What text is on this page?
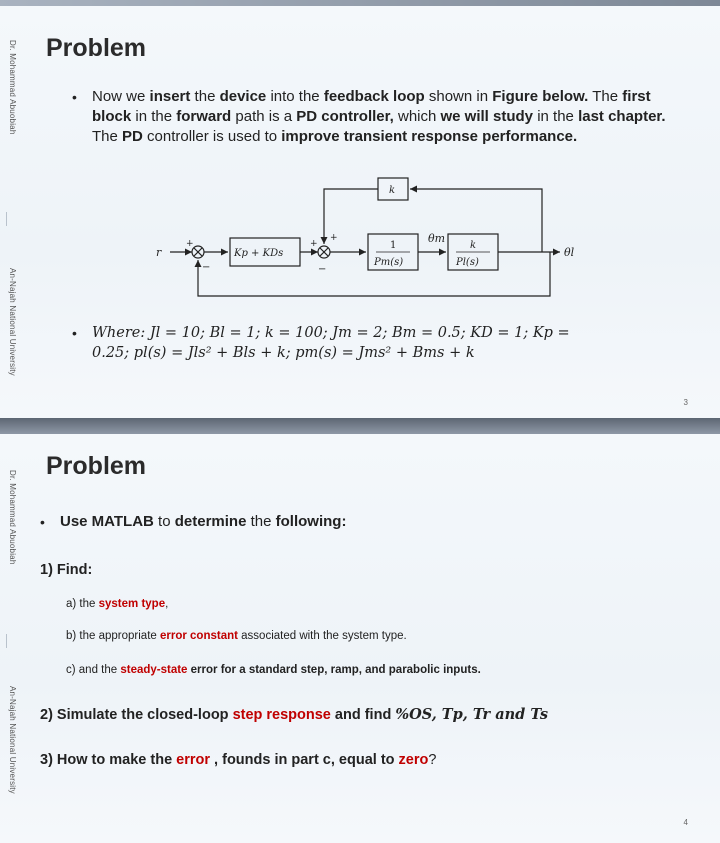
Dr. Mohammad Abuobiah
An-Najah National University
Problem
•	Now we insert the device into the feedback loop shown in Figure below. The first block in the forward path is a PD controller, which we will study in the last chapter. The PD controller is used to improve transient response performance.
r
+
−
Kp + KDs
+
+
−
1
Pm(s)
θm
k
Pl(s)
θl
k
•	Where: Jl = 10; Bl = 1; k = 100; Jm = 2; Bm = 0.5; KD = 1; Kp =
0.25; pl(s) = Jls² + Bls + k; pm(s) = Jms² + Bms + k
3
Dr. Mohammad Abuobiah
An-Najah National University
Problem
•	Use MATLAB to determine the following:
1) Find:
a) the system type,
b) the appropriate error constant associated with the system type.
c) and the steady-state error for a standard step, ramp, and parabolic inputs.
2) Simulate the closed-loop step response and find %OS, Tp, Tr and Ts
3) How to make the error , founds in part c, equal to zero?
4
